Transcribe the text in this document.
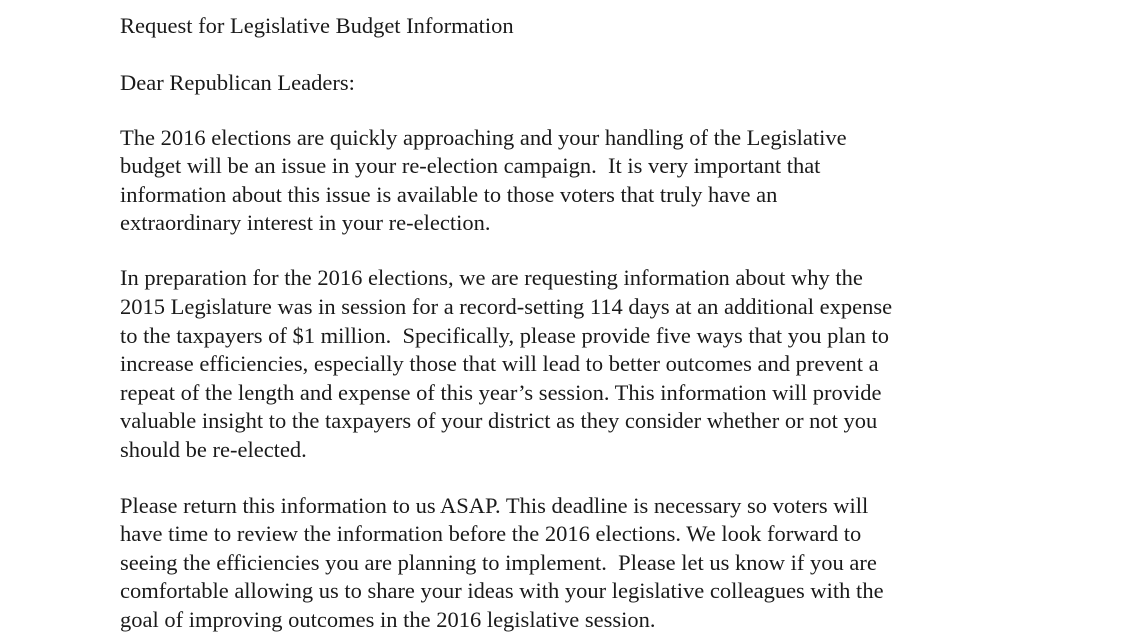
Request for Legislative Budget Information

Dear Republican Leaders:

The 2016 elections are quickly approaching and your handling of the Legislative

budget will be an issue in your re-election campaign.  It is very important that

information about this issue is available to those voters that truly have an

extraordinary interest in your re-election.

In preparation for the 2016 elections, we are requesting information about why the

2015 Legislature was in session for a record-setting 114 days at an additional expense

to the taxpayers of $1 million.  Specifically, please provide five ways that you plan to

increase efficiencies, especially those that will lead to better outcomes and prevent a

repeat of the length and expense of this year’s session. This information will provide

valuable insight to the taxpayers of your district as they consider whether or not you

should be re-elected.

Please return this information to us ASAP. This deadline is necessary so voters will

have time to review the information before the 2016 elections. We look forward to

seeing the efficiencies you are planning to implement.  Please let us know if you are

comfortable allowing us to share your ideas with your legislative colleagues with the

goal of improving outcomes in the 2016 legislative session.
